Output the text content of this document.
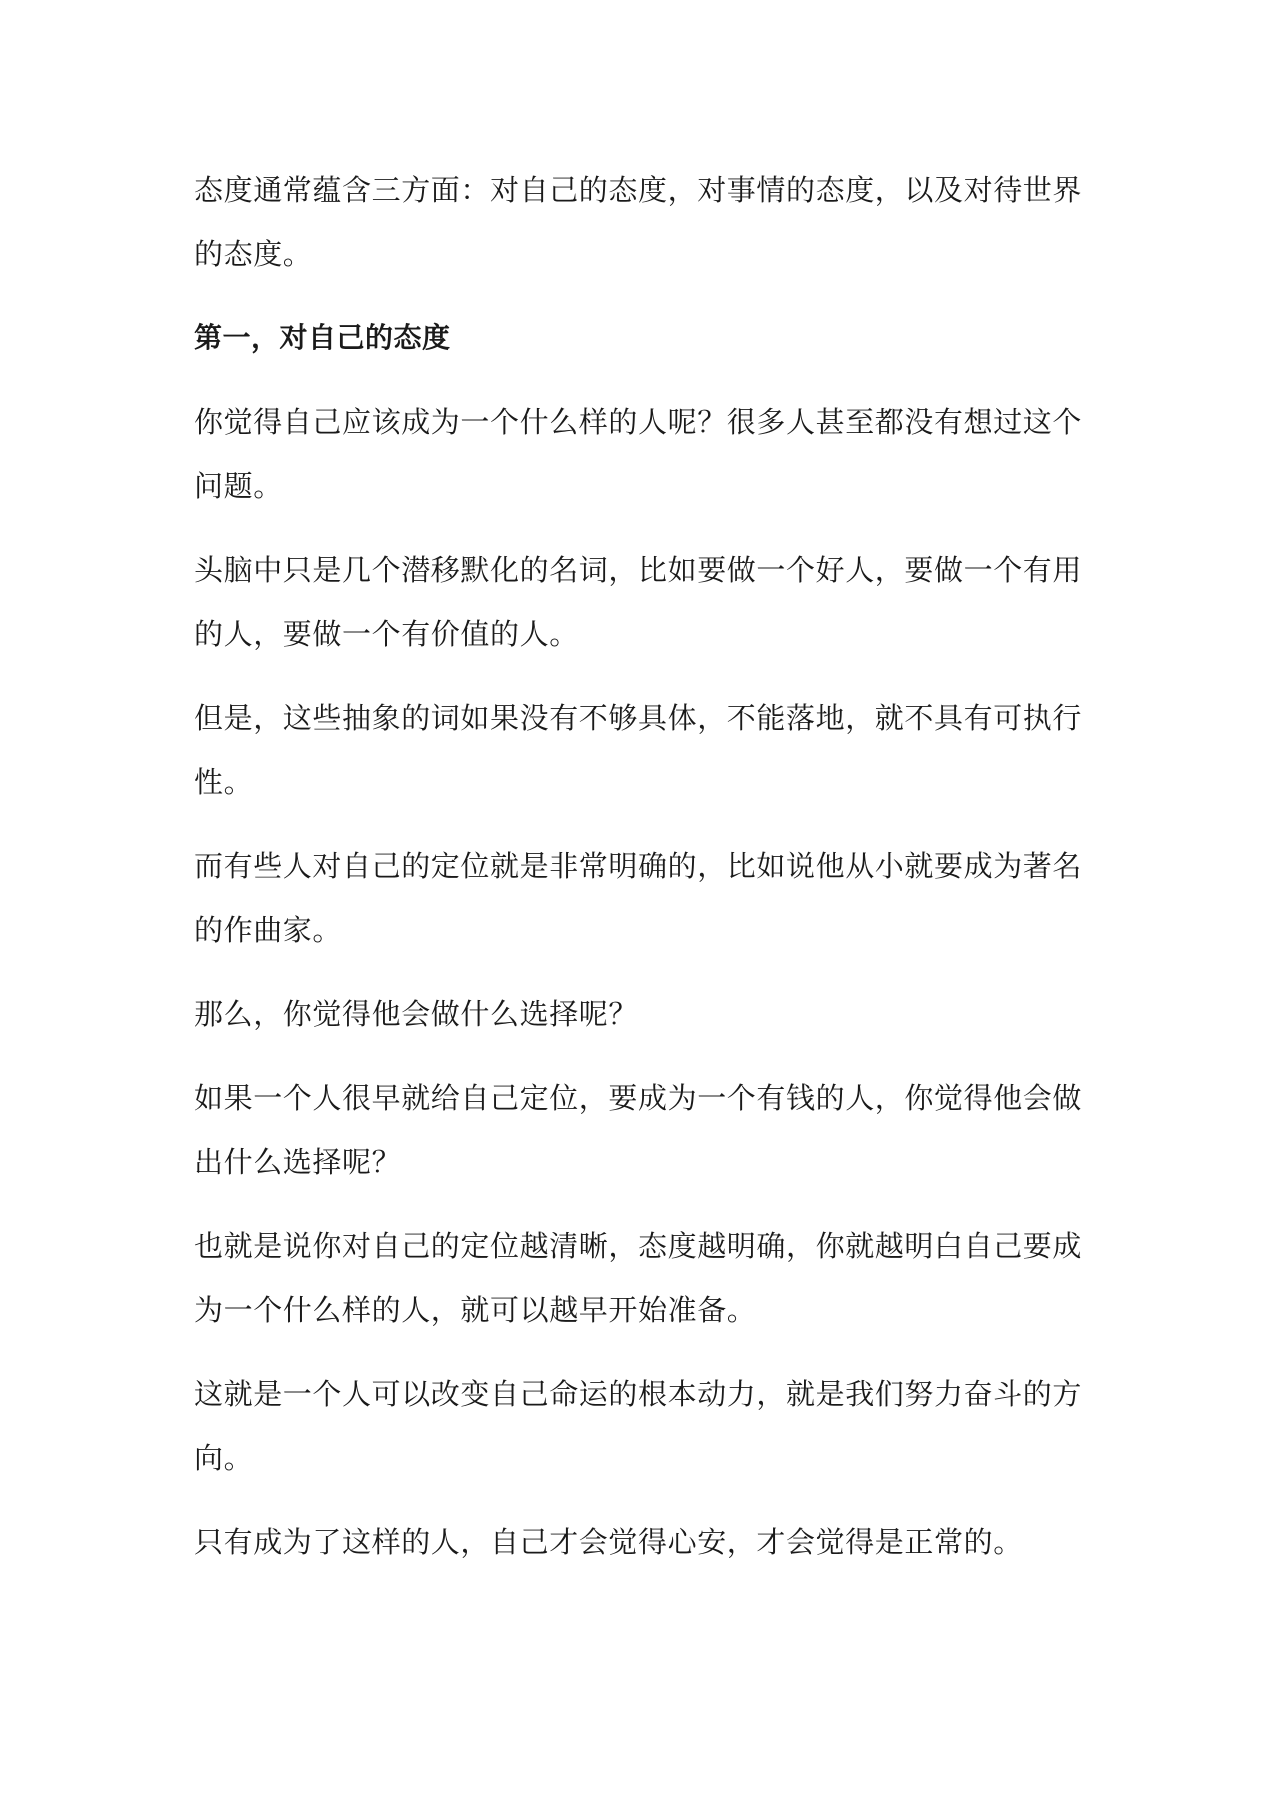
态度通常蕴含三方面：对自己的态度，对事情的态度，以及对待世界的态度。

第一，对自己的态度

你觉得自己应该成为一个什么样的人呢？很多人甚至都没有想过这个问题。

头脑中只是几个潜移默化的名词，比如要做一个好人，要做一个有用的人，要做一个有价值的人。

但是，这些抽象的词如果没有不够具体，不能落地，就不具有可执行性。

而有些人对自己的定位就是非常明确的，比如说他从小就要成为著名的作曲家。

那么，你觉得他会做什么选择呢？

如果一个人很早就给自己定位，要成为一个有钱的人，你觉得他会做出什么选择呢？

也就是说你对自己的定位越清晰，态度越明确，你就越明白自己要成为一个什么样的人，就可以越早开始准备。

这就是一个人可以改变自己命运的根本动力，就是我们努力奋斗的方向。

只有成为了这样的人，自己才会觉得心安，才会觉得是正常的。
